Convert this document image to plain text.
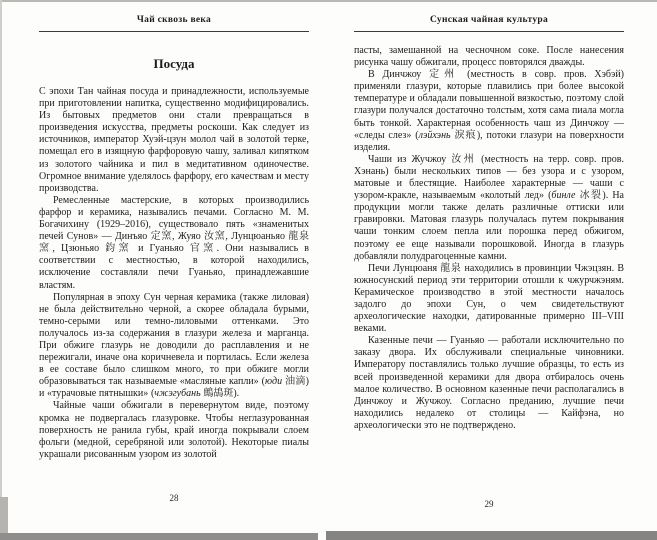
Чай сквозь века
Посуда

С эпохи Тан чайная посуда и принадлежности, используемые при приготовлении напитка, существенно модифицировались. Из бытовых предметов они стали превращаться в произведения искусства, предметы роскоши. Как следует из источников, император Хуэй-цзун молол чай в золотой терке, помещал его в изящную фарфоровую чашу, заливал кипятком из золотого чайника и пил в медитативном одиночестве. Огромное внимание уделялось фарфору, его качествам и месту производства.

Ремесленные мастерские, в которых производились фарфор и керамика, назывались печами. Согласно М. М. Богачихину (1929–2016), существовало пять «знаменитых печей Сунов» — Динъяо 定窯, Жуяо 汝窯, Лунцюаньяо 龍泉窯, Цзюньяо 鈞窯 и Гуаньяо 官窯. Они назывались в соответствии с местностью, в которой находились, исключение составляли печи Гуаньяо, принадлежавшие властям.

Популярная в эпоху Сун черная керамика (также лиловая) не была действительно черной, а скорее обладала бурыми, темно-серыми или темно-лиловыми оттенками. Это получалось из-за содержания в глазури железа и марганца. При обжиге глазурь не доводили до расплавления и не пережигали, иначе она коричневела и портилась. Если железа в ее составе было слишком много, то при обжиге могли образовываться так называемые «масляные капли» (юди 油滴) и «турачовые пятнышки» (чжэгубань 鷓鴣斑).

Чайные чаши обжигали в перевернутом виде, поэтому кромка не подвергалась глазуровке. Чтобы неглазурованная поверхность не ранила губы, край иногда покрывали слоем фольги (медной, серебряной или золотой). Некоторые пиалы украшали рисованным узором из золотой

28
Сунская чайная культура

пасты, замешанной на чесночном соке. После нанесения рисунка чашу обжигали, процесс повторялся дважды.

В Динчжоу 定州 (местность в совр. пров. Хэбэй) применяли глазури, которые плавились при более высокой температуре и обладали повышенной вязкостью, поэтому слой глазури получался достаточно толстым, хотя сама пиала могла быть тонкой. Характерная особенность чаш из Динчжоу — «следы слез» (лэйхэнь 淚痕), потоки глазури на поверхности изделия.

Чаши из Жучжоу 汝州 (местность на терр. совр. пров. Хэнань) были нескольких типов — без узора и с узором, матовые и блестящие. Наиболее характерные — чаши с узором-кракле, называемым «колотый лед» (бинле 冰裂). На продукции могли также делать различные оттиски или гравировки. Матовая глазурь получалась путем покрывания чаши тонким слоем пепла или порошка перед обжигом, поэтому ее еще называли порошковой. Иногда в глазурь добавляли полудрагоценные камни.

Печи Лунцюаня 龍泉 находились в провинции Чжэцзян. В южносунский период эти территории отошли к чжурчжэням. Керамическое производство в этой местности началось задолго до эпохи Сун, о чем свидетельствуют археологические находки, датированные примерно III–VIII веками.

Казенные печи — Гуаньяо — работали исключительно по заказу двора. Их обслуживали специальные чиновники. Императору поставлялись только лучшие образцы, то есть из всей произведенной керамики для двора отбиралось очень малое количество. В основном казенные печи располагались в Динчжоу и Жучжоу. Согласно преданию, лучшие печи находились недалеко от столицы — Кайфэна, но археологически это не подтверждено.

29
